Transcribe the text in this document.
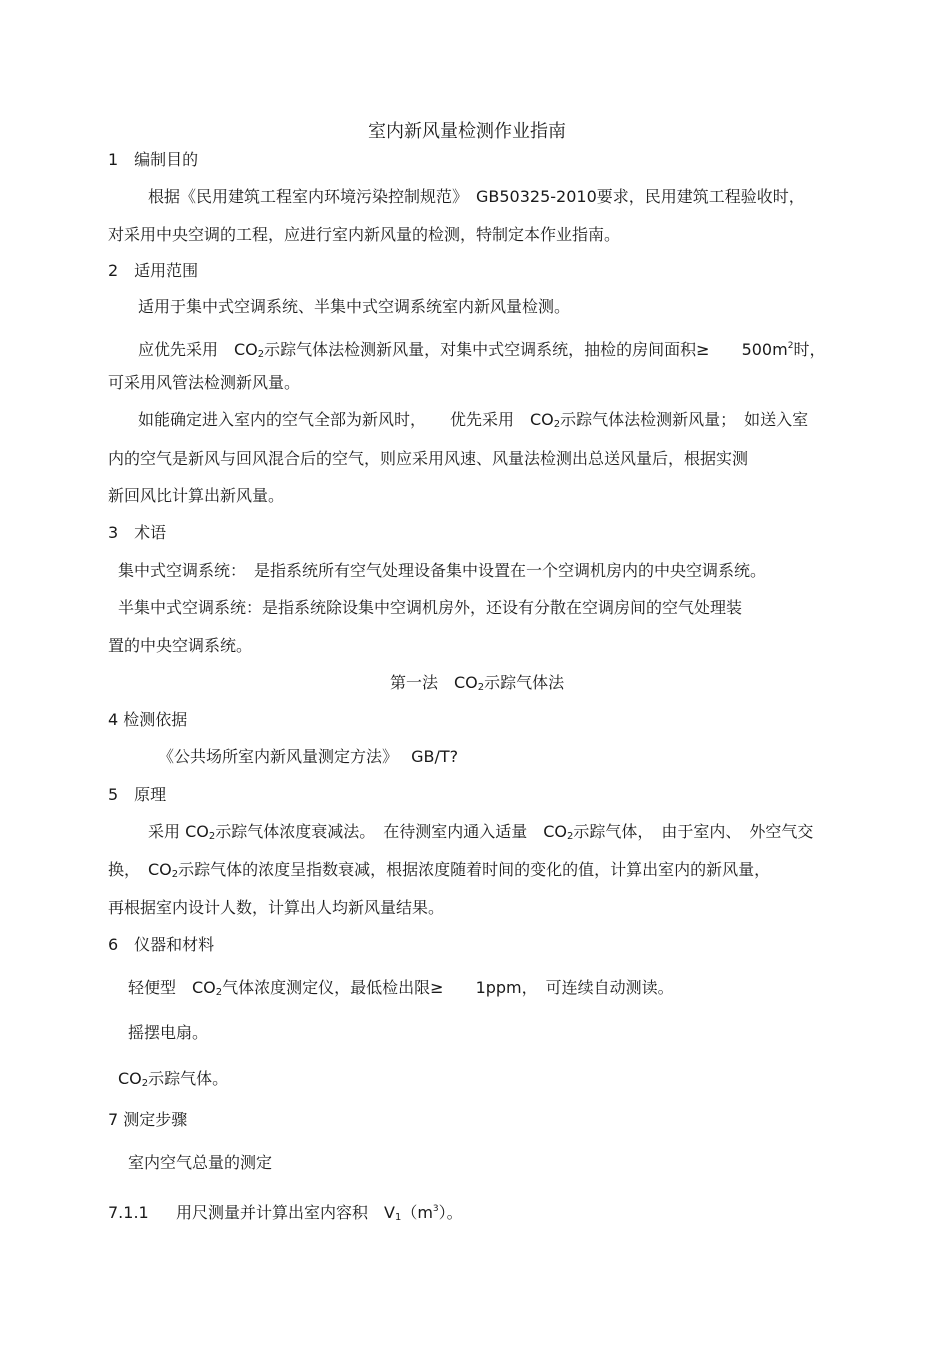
室内新风量检测作业指南
1　编制目的
根据《民用建筑工程室内环境污染控制规范》　GB50325-2010要求，民用建筑工程验收时，
对采用中央空调的工程，应进行室内新风量的检测，特制定本作业指南。
2　适用范围
适用于集中式空调系统、半集中式空调系统室内新风量检测。
应优先采用　$CO_2$示踪气体法检测新风量，对集中式空调系统，抽检的房间面积≥　　$500m^2$时，
可采用风管法检测新风量。
如能确定进入室内的空气全部为新风时，　　优先采用　$CO_2$示踪气体法检测新风量；　如送入室
内的空气是新风与回风混合后的空气，则应采用风速、风量法检测出总送风量后，根据实测
新回风比计算出新风量。
3　术语
集中式空调系统：　是指系统所有空气处理设备集中设置在一个空调机房内的中央空调系统。
半集中式空调系统：是指系统除设集中空调机房外，还设有分散在空调房间的空气处理装
置的中央空调系统。
第一法　$CO_2$示踪气体法
4 检测依据
《公共场所室内新风量测定方法》　 GB/T?
5　原理
采用 $CO_2$示踪气体浓度衰减法。　在待测室内通入适量　$CO_2$示踪气体，　由于室内、　外空气交
换，　$CO_2$示踪气体的浓度呈指数衰减，根据浓度随着时间的变化的值，计算出室内的新风量，
再根据室内设计人数，计算出人均新风量结果。
6　仪器和材料
轻便型　$CO_2$气体浓度测定仪，最低检出限≥　　1ppm，　可连续自动测读。
摇摆电扇。
$CO_2$示踪气体。
7 测定步骤
室内空气总量的测定
7.1.1 用尺测量并计算出室内容积　$V_1(m^3)$。
